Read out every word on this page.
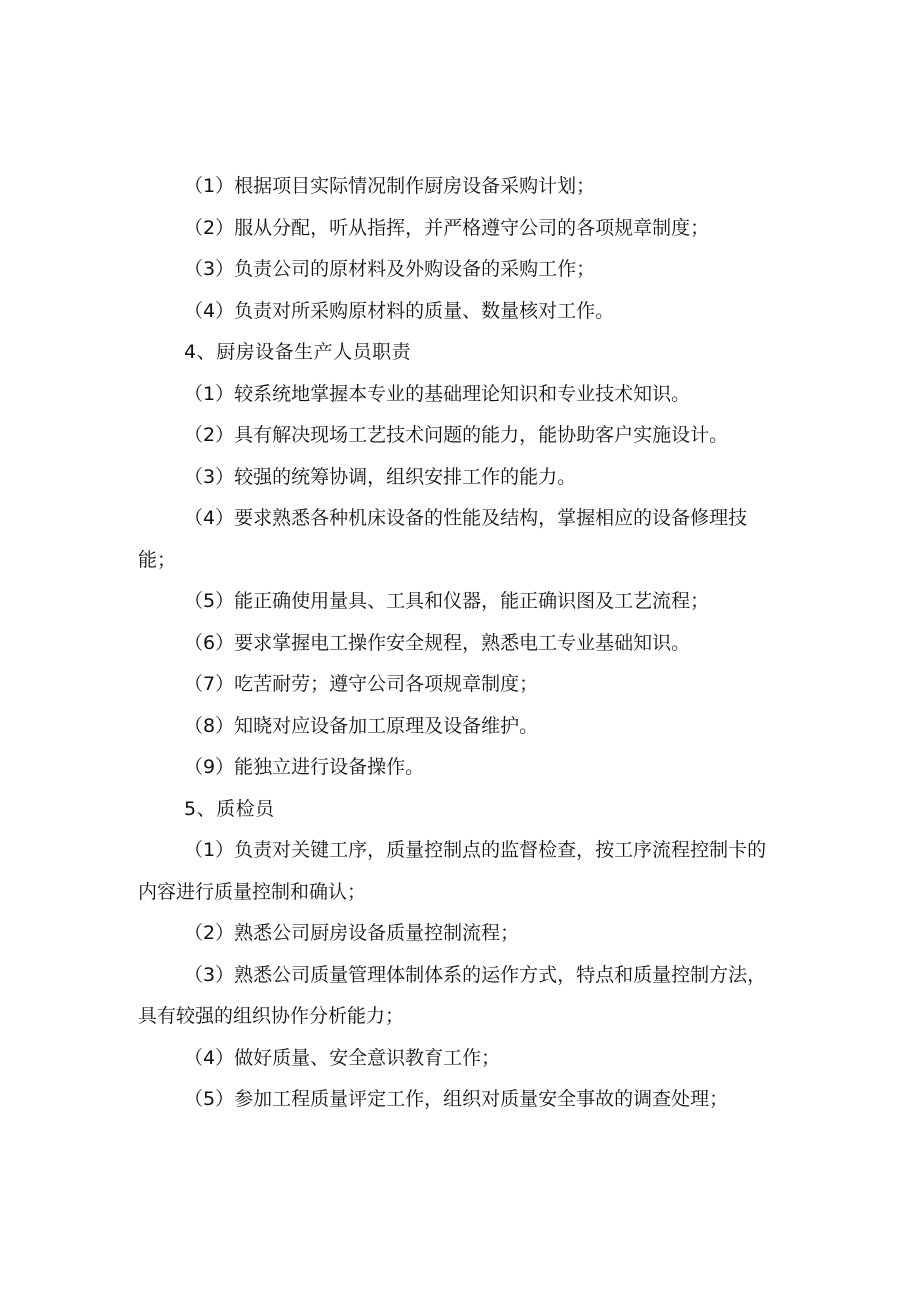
（1）根据项目实际情况制作厨房设备采购计划；

（2）服从分配，听从指挥，并严格遵守公司的各项规章制度；

（3）负责公司的原材料及外购设备的采购工作；

（4）负责对所采购原材料的质量、数量核对工作。

4、厨房设备生产人员职责

（1）较系统地掌握本专业的基础理论知识和专业技术知识。

（2）具有解决现场工艺技术问题的能力，能协助客户实施设计。

（3）较强的统筹协调，组织安排工作的能力。

（4）要求熟悉各种机床设备的性能及结构，掌握相应的设备修理技能；

（5）能正确使用量具、工具和仪器，能正确识图及工艺流程；

（6）要求掌握电工操作安全规程，熟悉电工专业基础知识。

（7）吃苦耐劳；遵守公司各项规章制度；

（8）知晓对应设备加工原理及设备维护。

（9）能独立进行设备操作。

5、质检员

（1）负责对关键工序，质量控制点的监督检查，按工序流程控制卡的内容进行质量控制和确认；

（2）熟悉公司厨房设备质量控制流程；

（3）熟悉公司质量管理体制体系的运作方式，特点和质量控制方法，具有较强的组织协作分析能力；

（4）做好质量、安全意识教育工作；

（5）参加工程质量评定工作，组织对质量安全事故的调查处理；
